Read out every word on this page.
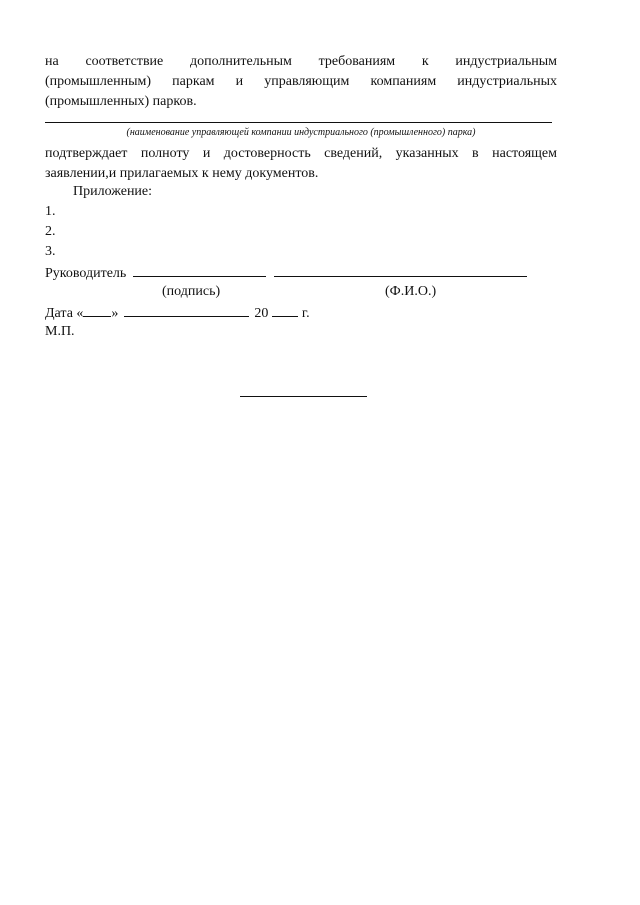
на соответствие дополнительным требованиям к индустриальным
(промышленным) паркам и управляющим компаниям индустриальных
(промышленных) парков.
(наименование управляющей компании индустриального (промышленного) парка)
подтверждает полноту и достоверность сведений, указанных в настоящем
заявлении,и прилагаемых к нему документов.
Приложение:
1.
2.
3.
Руководитель
(подпись)	(Ф.И.О.)
Дата « »	20 г.
М.П.
